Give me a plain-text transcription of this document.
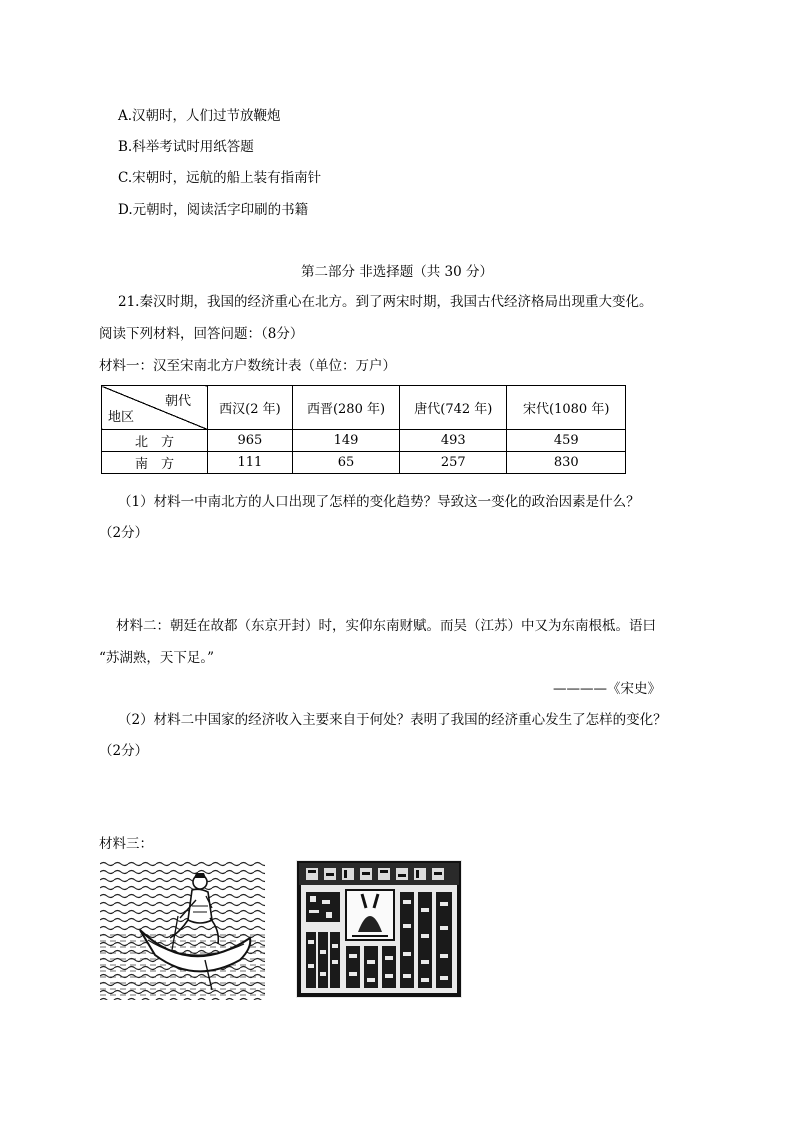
A.汉朝时，人们过节放鞭炮
B.科举考试时用纸答题
C.宋朝时，远航的船上装有指南针
D.元朝时，阅读活字印刷的书籍
第二部分 非选择题（共 30 分）
21.秦汉时期，我国的经济重心在北方。到了两宋时期，我国古代经济格局出现重大变化。
阅读下列材料，回答问题：（8分）
材料一：汉至宋南北方户数统计表（单位：万户）
朝代
地区	西汉(2 年)	西晋(280 年)	唐代(742 年)	宋代(1080 年)
北　方	965	149	493	459
南　方	111	65	257	830
（1）材料一中南北方的人口出现了怎样的变化趋势？导致这一变化的政治因素是什么？
（2分）
材料二：朝廷在故都（东京开封）时，实仰东南财赋。而吴（江苏）中又为东南根柢。语曰
“苏湖熟，天下足。”
————《宋史》
（2）材料二中国家的经济收入主要来自于何处？表明了我国的经济重心发生了怎样的变化？
（2分）
材料三：
